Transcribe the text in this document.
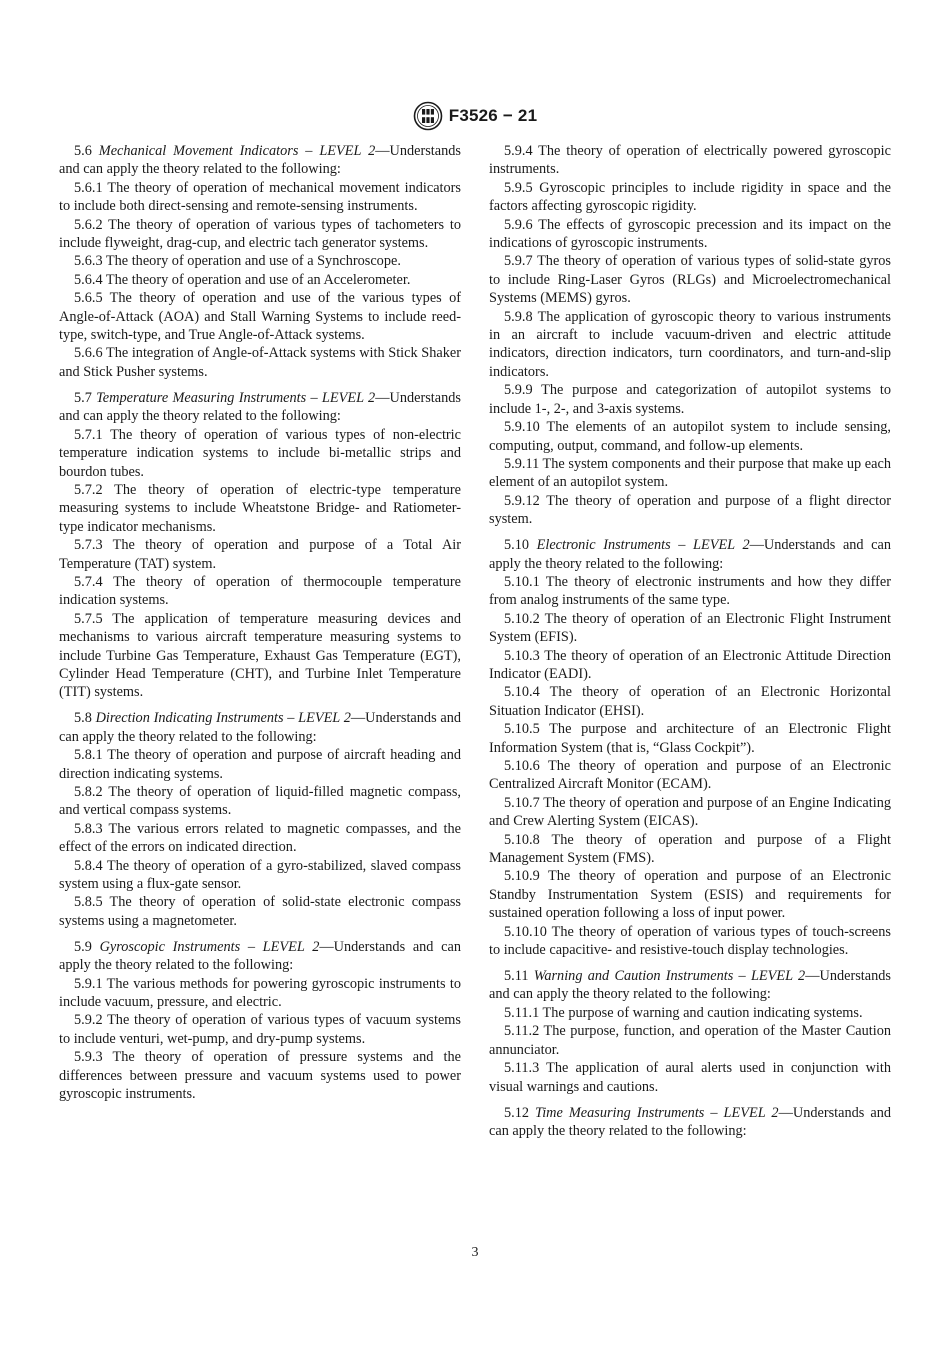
F3526 − 21

5.6 Mechanical Movement Indicators – LEVEL 2—Understands and can apply the theory related to the following:

5.6.1 The theory of operation of mechanical movement indicators to include both direct-sensing and remote-sensing instruments.

5.6.2 The theory of operation of various types of tachometers to include flyweight, drag-cup, and electric tach generator systems.

5.6.3 The theory of operation and use of a Synchroscope.

5.6.4 The theory of operation and use of an Accelerometer.

5.6.5 The theory of operation and use of the various types of Angle-of-Attack (AOA) and Stall Warning Systems to include reed-type, switch-type, and True Angle-of-Attack systems.

5.6.6 The integration of Angle-of-Attack systems with Stick Shaker and Stick Pusher systems.

5.7 Temperature Measuring Instruments – LEVEL 2—Understands and can apply the theory related to the following:

5.7.1 The theory of operation of various types of non-electric temperature indication systems to include bi-metallic strips and bourdon tubes.

5.7.2 The theory of operation of electric-type temperature measuring systems to include Wheatstone Bridge- and Ratiometer-type indicator mechanisms.

5.7.3 The theory of operation and purpose of a Total Air Temperature (TAT) system.

5.7.4 The theory of operation of thermocouple temperature indication systems.

5.7.5 The application of temperature measuring devices and mechanisms to various aircraft temperature measuring systems to include Turbine Gas Temperature, Exhaust Gas Temperature (EGT), Cylinder Head Temperature (CHT), and Turbine Inlet Temperature (TIT) systems.

5.8 Direction Indicating Instruments – LEVEL 2—Understands and can apply the theory related to the following:

5.8.1 The theory of operation and purpose of aircraft heading and direction indicating systems.

5.8.2 The theory of operation of liquid-filled magnetic compass, and vertical compass systems.

5.8.3 The various errors related to magnetic compasses, and the effect of the errors on indicated direction.

5.8.4 The theory of operation of a gyro-stabilized, slaved compass system using a flux-gate sensor.

5.8.5 The theory of operation of solid-state electronic compass systems using a magnetometer.

5.9 Gyroscopic Instruments – LEVEL 2—Understands and can apply the theory related to the following:

5.9.1 The various methods for powering gyroscopic instruments to include vacuum, pressure, and electric.

5.9.2 The theory of operation of various types of vacuum systems to include venturi, wet-pump, and dry-pump systems.

5.9.3 The theory of operation of pressure systems and the differences between pressure and vacuum systems used to power gyroscopic instruments.

5.9.4 The theory of operation of electrically powered gyroscopic instruments.

5.9.5 Gyroscopic principles to include rigidity in space and the factors affecting gyroscopic rigidity.

5.9.6 The effects of gyroscopic precession and its impact on the indications of gyroscopic instruments.

5.9.7 The theory of operation of various types of solid-state gyros to include Ring-Laser Gyros (RLGs) and Microelectromechanical Systems (MEMS) gyros.

5.9.8 The application of gyroscopic theory to various instruments in an aircraft to include vacuum-driven and electric attitude indicators, direction indicators, turn coordinators, and turn-and-slip indicators.

5.9.9 The purpose and categorization of autopilot systems to include 1-, 2-, and 3-axis systems.

5.9.10 The elements of an autopilot system to include sensing, computing, output, command, and follow-up elements.

5.9.11 The system components and their purpose that make up each element of an autopilot system.

5.9.12 The theory of operation and purpose of a flight director system.

5.10 Electronic Instruments – LEVEL 2—Understands and can apply the theory related to the following:

5.10.1 The theory of electronic instruments and how they differ from analog instruments of the same type.

5.10.2 The theory of operation of an Electronic Flight Instrument System (EFIS).

5.10.3 The theory of operation of an Electronic Attitude Direction Indicator (EADI).

5.10.4 The theory of operation of an Electronic Horizontal Situation Indicator (EHSI).

5.10.5 The purpose and architecture of an Electronic Flight Information System (that is, “Glass Cockpit”).

5.10.6 The theory of operation and purpose of an Electronic Centralized Aircraft Monitor (ECAM).

5.10.7 The theory of operation and purpose of an Engine Indicating and Crew Alerting System (EICAS).

5.10.8 The theory of operation and purpose of a Flight Management System (FMS).

5.10.9 The theory of operation and purpose of an Electronic Standby Instrumentation System (ESIS) and requirements for sustained operation following a loss of input power.

5.10.10 The theory of operation of various types of touch-screens to include capacitive- and resistive-touch display technologies.

5.11 Warning and Caution Instruments – LEVEL 2—Understands and can apply the theory related to the following:

5.11.1 The purpose of warning and caution indicating systems.

5.11.2 The purpose, function, and operation of the Master Caution annunciator.

5.11.3 The application of aural alerts used in conjunction with visual warnings and cautions.

5.12 Time Measuring Instruments – LEVEL 2—Understands and can apply the theory related to the following:

3
